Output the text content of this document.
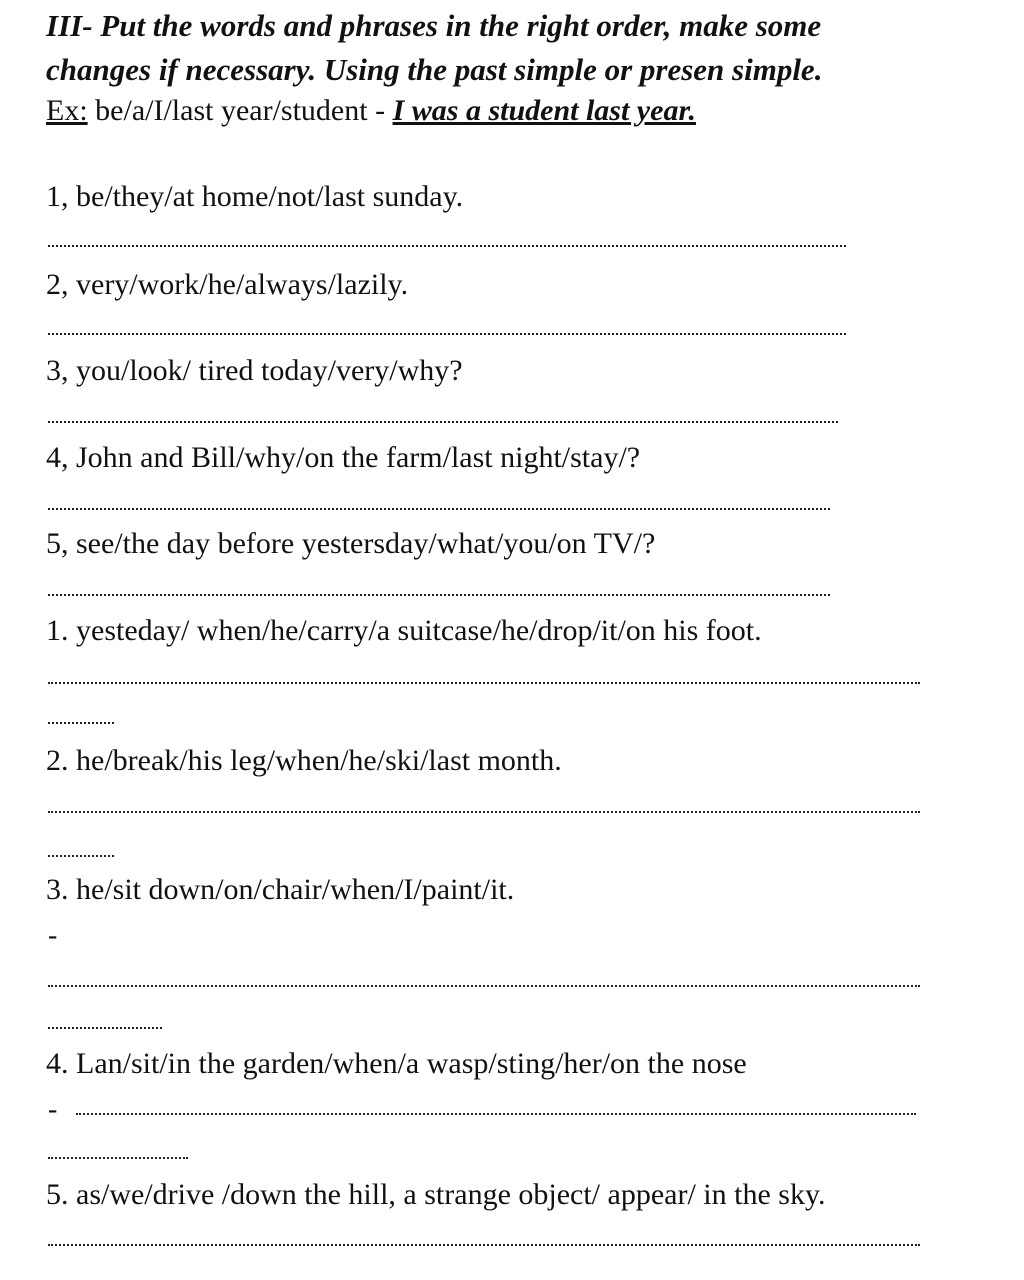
III- Put the words and phrases in the right order, make some
changes if necessary. Using the past simple or presen simple.
Ex: be/a/I/last year/student - I was a student last year.
1, be/they/at home/not/last sunday.
2, very/work/he/always/lazily.
3, you/look/ tired today/very/why?
4, John and Bill/why/on the farm/last night/stay/?
5, see/the day before yestersday/what/you/on TV/?
1. yesteday/ when/he/carry/a suitcase/he/drop/it/on his foot.
2. he/break/his leg/when/he/ski/last month.
3. he/sit down/on/chair/when/I/paint/it.
-
4. Lan/sit/in the garden/when/a wasp/sting/her/on the nose
-
5. as/we/drive /down the hill, a strange object/ appear/ in the sky.
